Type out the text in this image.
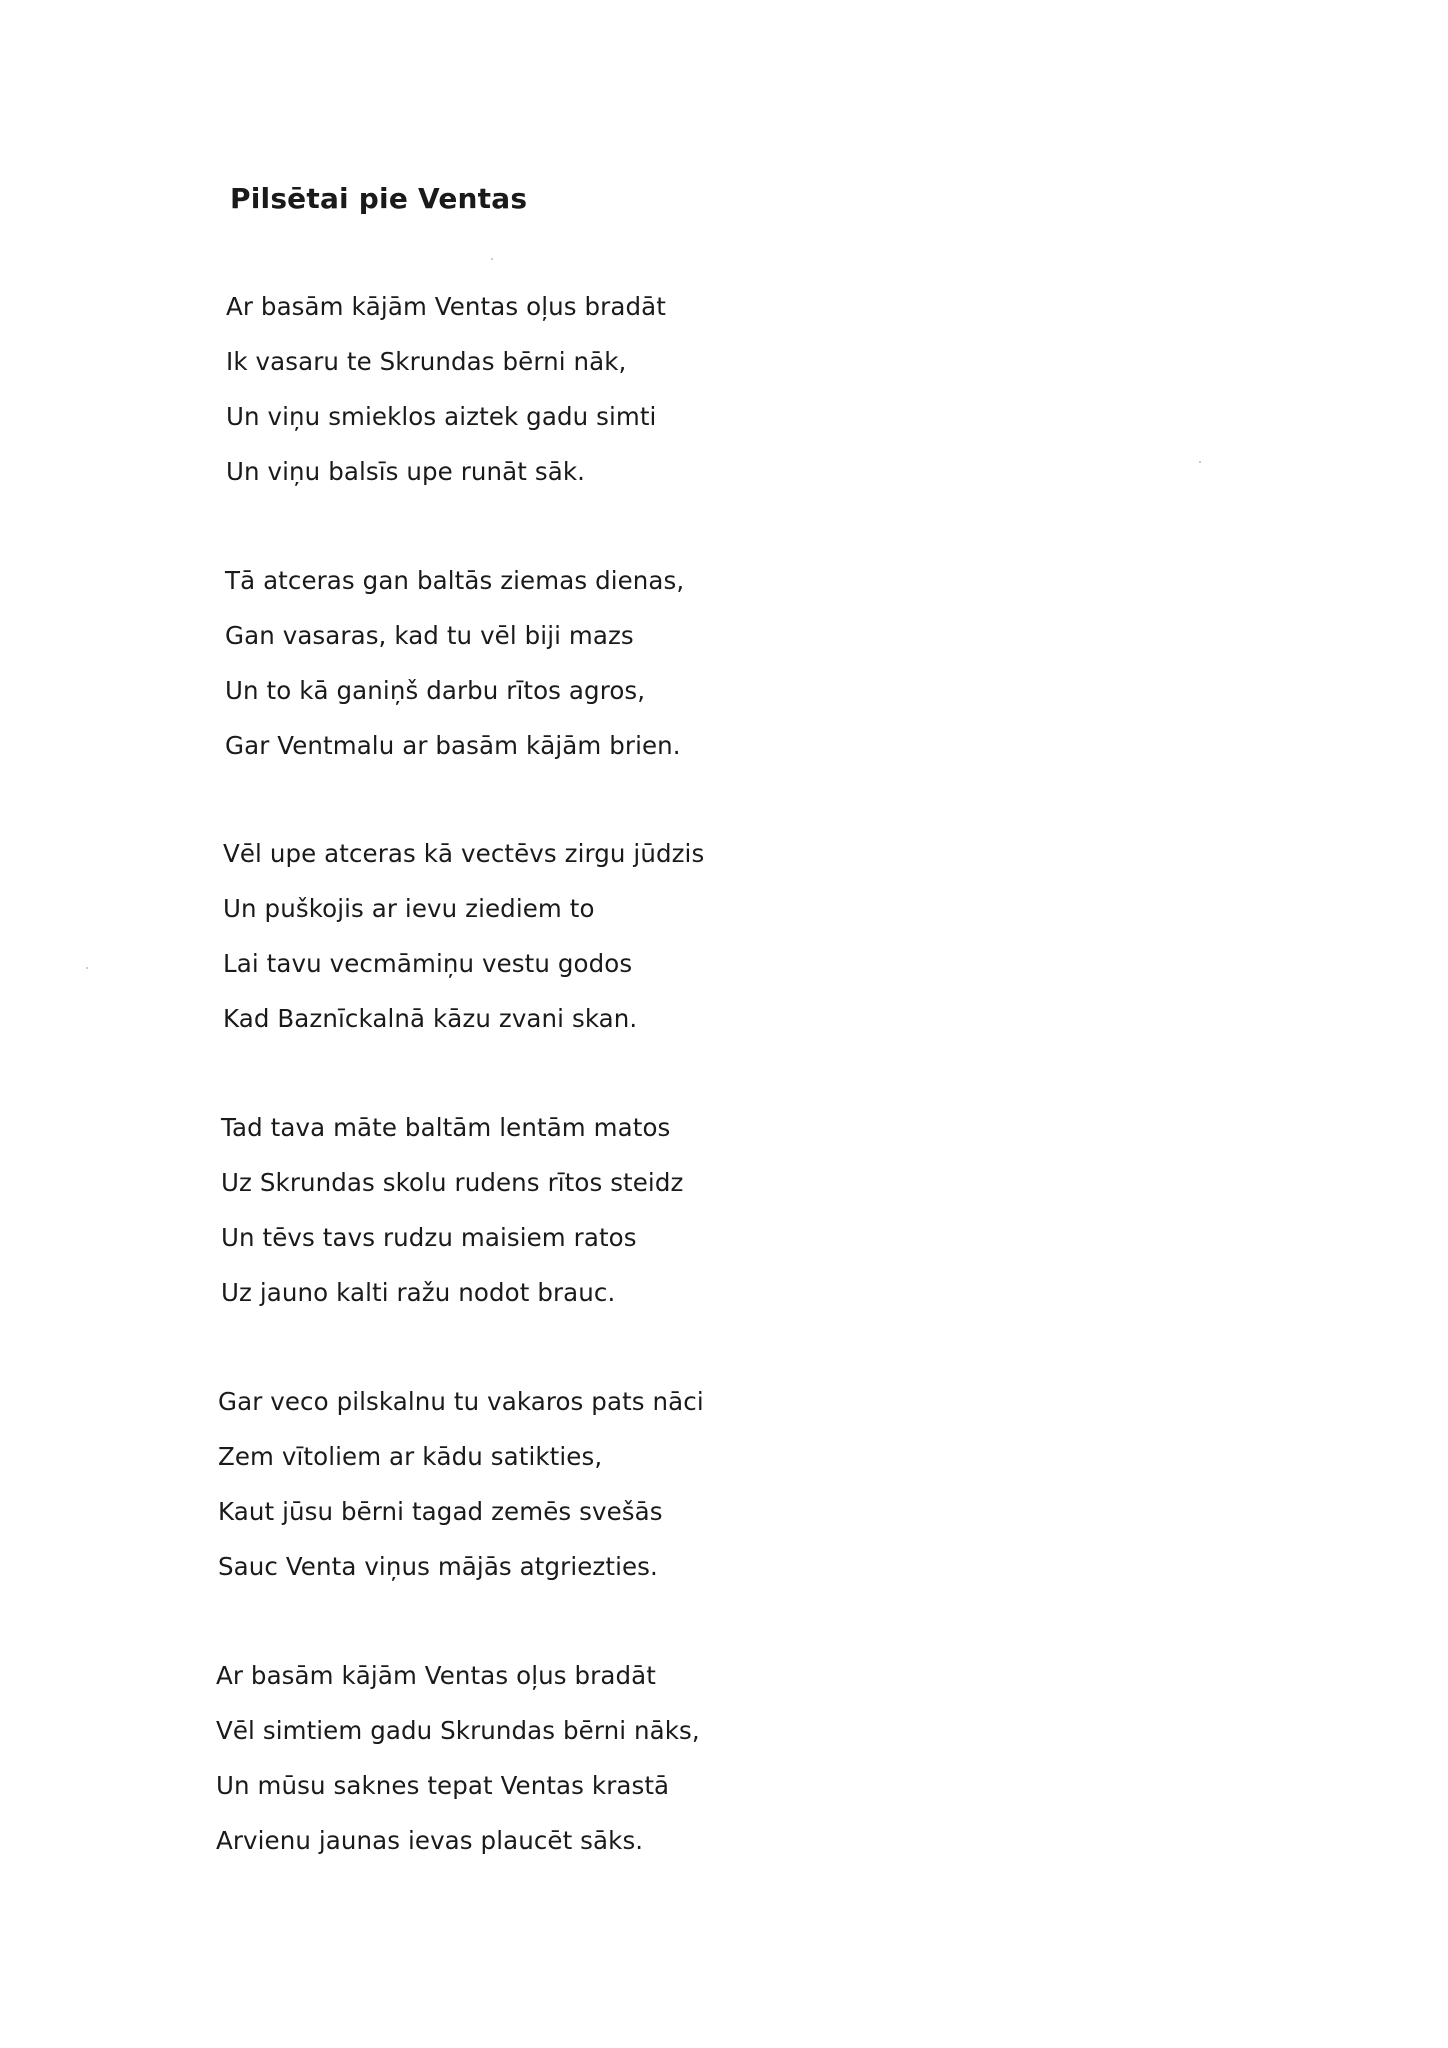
Pilsētai pie Ventas
Ar basām kājām Ventas oļus bradāt
Ik vasaru te Skrundas bērni nāk,
Un viņu smieklos aiztek gadu simti
Un viņu balsīs upe runāt sāk.
Tā atceras gan baltās ziemas dienas,
Gan vasaras, kad tu vēl biji mazs
Un to kā ganiņš darbu rītos agros,
Gar Ventmalu ar basām kājām brien.
Vēl upe atceras kā vectēvs zirgu jūdzis
Un puškojis ar ievu ziediem to
Lai tavu vecmāmiņu vestu godos
Kad Baznīckalnā kāzu zvani skan.
Tad tava māte baltām lentām matos
Uz Skrundas skolu rudens rītos steidz
Un tēvs tavs rudzu maisiem ratos
Uz jauno kalti ražu nodot brauc.
Gar veco pilskalnu tu vakaros pats nāci
Zem vītoliem ar kādu satikties,
Kaut jūsu bērni tagad zemēs svešās
Sauc Venta viņus mājās atgriezties.
Ar basām kājām Ventas oļus bradāt
Vēl simtiem gadu Skrundas bērni nāks,
Un mūsu saknes tepat Ventas krastā
Arvienu jaunas ievas plaucēt sāks.
